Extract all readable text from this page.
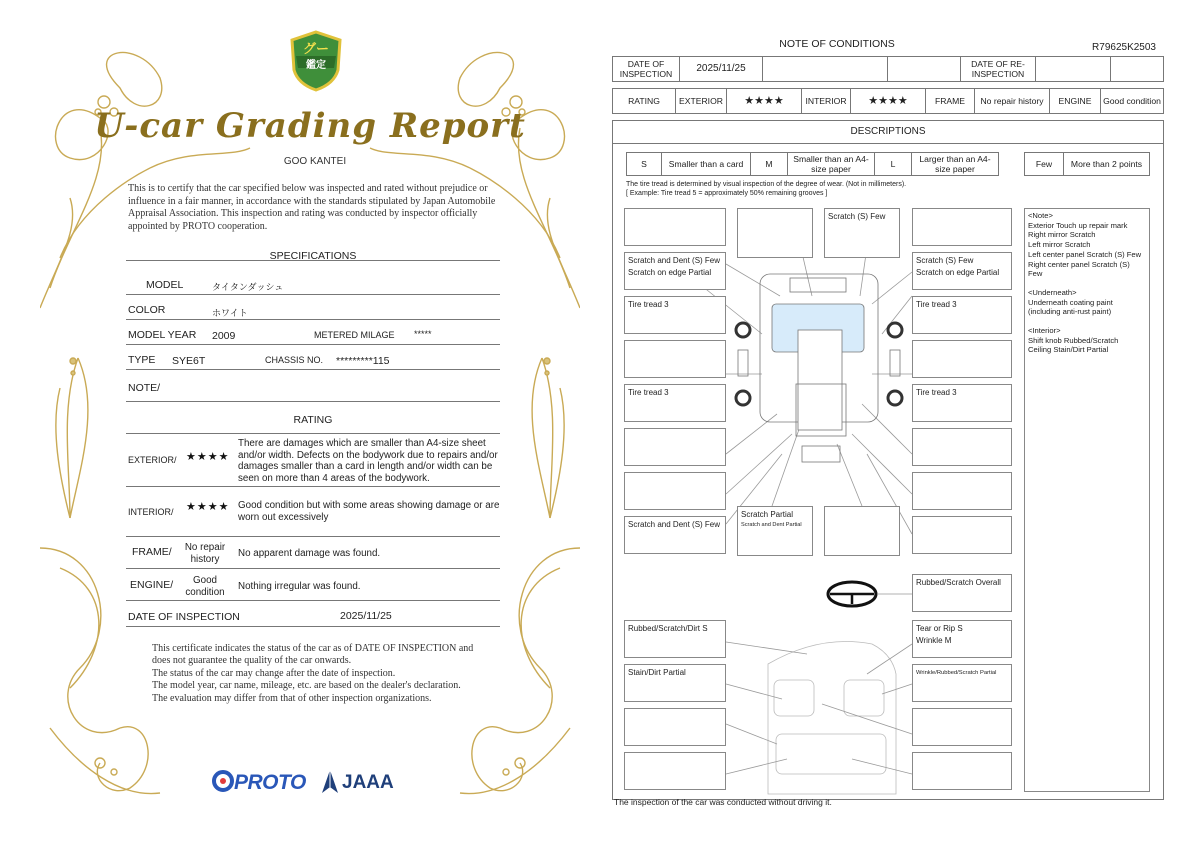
グー
鑑定
U-car Grading Report
GOO KANTEI
This is to certify that the car specified below was inspected and rated without prejudice or influence in a fair manner, in accordance with the standards stipulated by Japan Automobile Appraisal Association. This inspection and rating was conducted by inspector officially appointed by PROTO cooperation.
SPECIFICATIONS
MODEL	タイタンダッシュ
COLOR	ホワイト
MODEL YEAR 2009	METERED MILAGE *****
TYPE SYE6T	CHASSIS NO. *********115
NOTE/
RATING
EXTERIOR/ ★★★★
There are damages which are smaller than A4-size sheet and/or width. Defects on the bodywork due to repairs and/or damages smaller than a card in length and/or width can be seen on more than 4 areas of the bodywork.
INTERIOR/ ★★★★ Good condition but with some areas showing damage or are worn out excessively
FRAME/	No repair history
No apparent damage was found.
ENGINE/	Good condition
Nothing irregular was found.
DATE OF INSPECTION	2025/11/25
This certificate indicates the status of the car as of DATE OF INSPECTION and does not guarantee the quality of the car onwards.
The status of the car may change after the date of inspection.
The model year, car name, mileage, etc. are based on the dealer's declaration.
The evaluation may differ from that of other inspection organizations.
PROTO JAAA
NOTE OF CONDITIONS	R79625K2503
DATE OF INSPECTION	2025/11/25	DATE OF RE-INSPECTION
RATING	EXTERIOR	★★★★	INTERIOR	★★★★	FRAME	No repair history	ENGINE	Good condition
DESCRIPTIONS
S	Smaller than a card	M	Smaller than an A4-size paper	L	Larger than an A4-size paper	Few	More than 2 points
The tire tread is determined by visual inspection of the degree of wear. (Not in millimeters).
[ Example: Tire tread 5 = approximately 50% remaining grooves ]
Scratch (S) Few
Scratch and Dent (S) Few
Scratch on edge Partial
Scratch (S) Few
Scratch on edge Partial
Tire tread 3	Tire tread 3
Tire tread 3	Tire tread 3
Scratch and Dent (S) Few
Scratch Partial
Scratch and Dent Partial
Rubbed/Scratch Overall
Rubbed/Scratch/Dirt S	Tear or Rip S
Wrinkle M
Stain/Dirt Partial	Wrinkle/Rubbed/Scratch Partial
<Note>
Exterior Touch up repair mark
Right mirror Scratch
Left mirror Scratch
Left center panel Scratch (S) Few
Right center panel Scratch (S) Few
<Underneath>
Underneath coating paint (including anti-rust paint)
<Interior>
Shift knob Rubbed/Scratch
Ceiling Stain/Dirt Partial
The inspection of the car was conducted without driving it.
